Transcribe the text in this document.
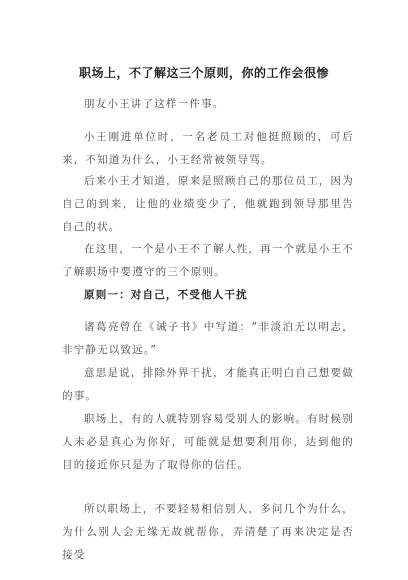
职场上，不了解这三个原则，你的工作会很惨

朋友小王讲了这样一件事。

小王刚进单位时，一名老员工对他挺照顾的，可后来，不知道为什么，小王经常被领导骂。

后来小王才知道，原来是照顾自己的那位员工，因为自己的到来，让他的业绩变少了，他就跑到领导那里告自己的状。

在这里，一个是小王不了解人性，再一个就是小王不了解职场中要遵守的三个原则。

原则一：对自己，不受他人干扰

诸葛亮曾在《诫子书》中写道：“非淡泊无以明志，非宁静无以致远。”

意思是说，排除外界干扰，才能真正明白自己想要做的事。

职场上，有的人就特别容易受别人的影响。有时候别人未必是真心为你好，可能就是想要利用你，达到他的目的接近你只是为了取得你的信任。

所以职场上，不要轻易相信别人，多问几个为什么，为什么别人会无缘无故就帮你，弄清楚了再来决定是否接受
